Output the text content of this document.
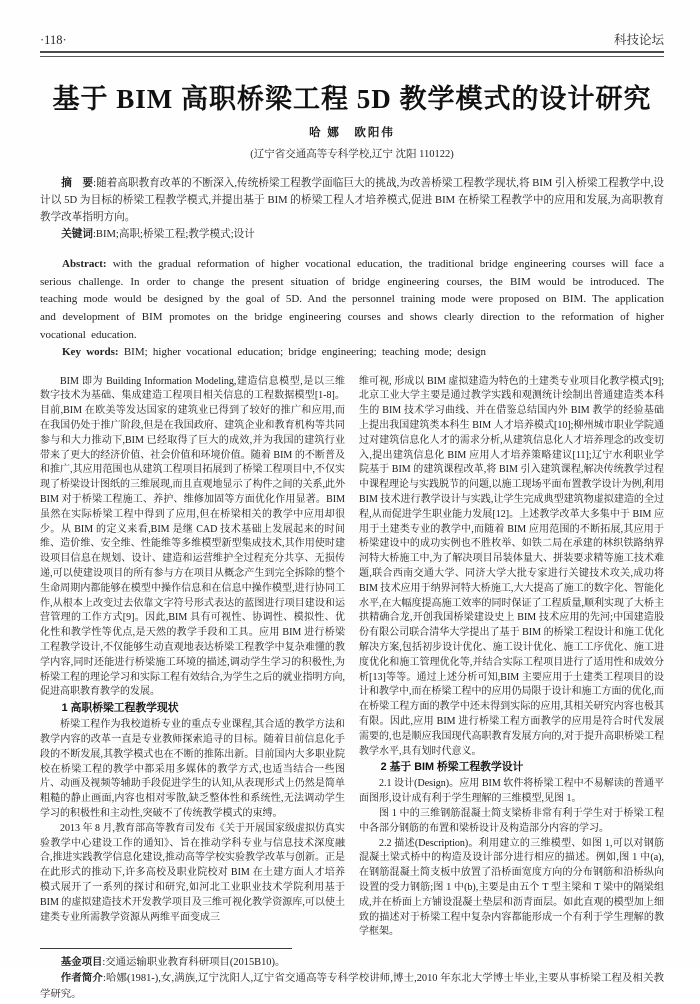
·118·	科技论坛
基于 BIM 高职桥梁工程 5D 教学模式的设计研究
哈 娜　欧阳伟
(辽宁省交通高等专科学校,辽宁 沈阳 110122)

摘　要:随着高职教育改革的不断深入,传统桥梁工程教学面临巨大的挑战,为改善桥梁工程教学现状,将 BIM 引入桥梁工程教学中,设计以 5D 为目标的桥梁工程教学模式,并提出基于 BIM 的桥梁工程人才培养模式,促进 BIM 在桥梁工程教学中的应用和发展,为高职教育教学改革指明方向。

关键词:BIM;高职;桥梁工程;教学模式;设计

Abstract: with the gradual reformation of higher vocational education, the traditional bridge engineering courses will face a serious challenge. In order to change the present situation of bridge engineering courses, the BIM would be introduced. The teaching mode would be designed by the goal of 5D. And the personnel training mode were proposed on BIM. The application and development of BIM promotes on the bridge engineering courses and shows clearly direction to the reformation of higher vocational education.

Key words: BIM; higher vocational education; bridge engineering; teaching mode; design

BIM 即为 Building Information Modeling,建造信息模型,是以三维数字技术为基础、集成建造工程项目相关信息的工程数据模型[1-8]。目前,BIM 在欧美等发达国家的建筑业已得到了较好的推广和应用,而在我国仍处于推广阶段,但是在我国政府、建筑企业和教育机构等共同参与和大力推动下,BIM 已经取得了巨大的成效,并为我国的建筑行业带来了更大的经济价值、社会价值和环境价值。随着 BIM 的不断普及和推广,其应用范围也从建筑工程项目拓展到了桥梁工程项目中,不仅实现了桥梁设计图纸的三维展现,而且直观地显示了构件之间的关系,此外 BIM 对于桥梁工程施工、养护、维修加固等方面优化作用显著。BIM 虽然在实际桥梁工程中得到了应用,但在桥梁相关的教学中应用却很少。从 BIM 的定义来看,BIM 是继 CAD 技术基础上发展起来的时间维、造价维、安全维、性能维等多维模型新型集成技术,其作用使时建设项目信息在规划、设计、建造和运营维护全过程充分共享、无损传递,可以使建设项目的所有参与方在项目从概念产生到完全拆除的整个生命周期内都能够在模型中操作信息和在信息中操作模型,进行协同工作,从根本上改变过去依靠文字符号形式表达的蓝图进行项目建设和运营管理的工作方式[9]。因此,BIM 具有可视性、协调性、模拟性、优化性和教学性等优点,是天然的教学手段和工具。应用 BIM 进行桥梁工程教学设计,不仅能够生动直观地表达桥梁工程教学中复杂难懂的教学内容,同时还能进行桥梁施工环境的描述,调动学生学习的积极性,为桥梁工程的理论学习和实际工程有效结合,为学生之后的就业指明方向,促进高职教育教学的发展。

1 高职桥梁工程教学现状

桥梁工程作为我校道桥专业的重点专业课程,其合适的教学方法和教学内容的改革一直是专业教师探索追寻的目标。随着目前信息化手段的不断发展,其教学模式也在不断的推陈出新。目前国内大多职业院校在桥梁工程的教学中都采用多媒体的教学方式,也适当结合一些图片、动画及视频等辅助手段促进学生的认知,从表现形式上仍然是简单粗糙的静止画面,内容也相对零散,缺乏整体性和系统性,无法调动学生学习的积极性和主动性,突破不了传统教学模式的束缚。

2013 年 8 月,教育部高等教育司发布《关于开展国家级虚拟仿真实验教学中心建设工作的通知》、旨在推动学科专业与信息技术深度融合,推进实践教学信息化建设,推动高等学校实验教学改革与创新。正是在此形式的推动下,许多高校及职业院校对 BIM 在土建方面人才培养模式展开了一系列的探讨和研究,如河北工业职业技术学院利用基于 BIM 的虚拟建造技术开发教学项目及三维可视化教学资源库,可以使土建类专业所需教学资源从两维平面变成三

维可视, 形成以 BIM 虚拟建造为特色的土建类专业项目化教学模式[9];北京工业大学主要是通过教学实践和观测统计绘制出普通建造类本科生的 BIM 技术学习曲线、并在借鉴总结国内外 BIM 教学的经验基础上提出我国建筑类本科生 BIM 人才培养模式[10];柳州城市职业学院通过对建筑信息化人才的需求分析,从建筑信息化人才培养理念的改变切入,提出建筑信息化 BIM 应用人才培养策略建议[11];辽宁水利职业学院基于 BIM 的建筑课程改革,将 BIM 引入建筑课程,解决传统教学过程中课程理论与实践脱节的问题,以施工现场平面布置教学设计为例,利用 BIM 技术进行教学设计与实践,让学生完成典型建筑物虚拟建造的全过程,从而促进学生职业能力发展[12]。上述教学改革大多集中于 BIM 应用于土建类专业的教学中,而随着 BIM 应用范围的不断拓展,其应用于桥梁建设中的成功实例也不胜枚举、如铁二局在承建的林织铁路纳界河特大桥施工中,为了解决项目吊装体量大、拼装要求精等施工技术难题,联合西南交通大学、同济大学大批专家进行关键技术攻关,成功将 BIM 技术应用于纳界河特大桥施工,大大提高了施工的数字化、智能化水平,在大幅度提高施工效率的同时保证了工程质量,顺利实现了大桥主拱精确合龙,开创我国桥梁建设史上 BIM 技术应用的先河;中国建造股份有限公司联合清华大学提出了基于 BIM 的桥梁工程设计和施工优化解决方案,包括初步设计优化、施工设计优化、施工工序优化、施工进度优化和施工管理优化等,并结合实际工程项目进行了适用性和成效分析[13]等等。通过上述分析可知,BIM 主要应用于土建类工程项目的设计和教学中,而在桥梁工程中的应用仍局限于设计和施工方面的优化,而在桥梁工程方面的教学中还未得到实际的应用,其相关研究内容也极其有限。因此,应用 BIM 进行桥梁工程方面教学的应用是符合时代发展需要的,也是顺应我国现代高职教育发展方向的,对于提升高职桥梁工程教学水平,具有划时代意义。

2 基于 BIM 桥梁工程教学设计

2.1 设计(Design)。应用 BIM 软件将桥梁工程中不易解读的普通平面图形,设计成有利于学生理解的三维模型,见图 1。

图 1 中的三维钢筋混凝土简支梁桥非常有利于学生对于桥梁工程中各部分钢筋的布置和梁桥设计及构造部分内容的学习。

2.2 描述(Description)。利用建立的三维模型、如图 1,可以对钢筋混凝土梁式桥中的构造及设计部分进行相应的描述。例如,图 1 中(a),在钢筋混凝土简支板中放置了沿桥面宽度方向的分布钢筋和沿桥纵向设置的受力钢筋;图 1 中(b),主要是由五个 T 型主梁和 T 梁中的隔梁组成,并在桥面上方铺设混凝土垫层和沥青面层。如此直观的模型加上细致的描述对于桥梁工程中复杂内容都能形成一个有利于学生理解的教学框架。

基金项目:交通运输职业教育科研项目(2015B10)。

作者简介:哈娜(1981-),女,满族,辽宁沈阳人,辽宁省交通高等专科学校讲师,博士,2010 年东北大学博士毕业,主要从事桥梁工程及相关教学研究。
